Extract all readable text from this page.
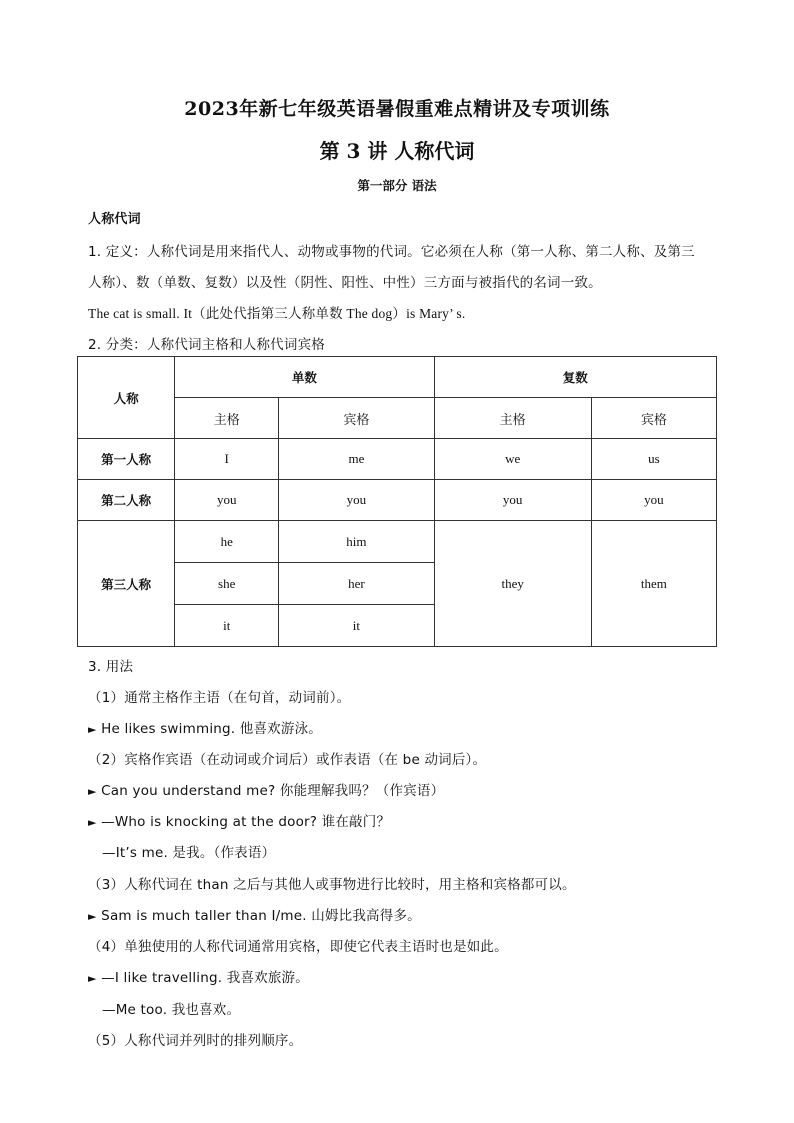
2023年新七年级英语暑假重难点精讲及专项训练
第 3 讲 人称代词
第一部分 语法
人称代词
1. 定义：人称代词是用来指代人、动物或事物的代词。它必须在人称（第一人称、第二人称、及第三
人称）、数（单数、复数）以及性（阴性、阳性、中性）三方面与被指代的名词一致。
The cat is small. It（此处代指第三人称单数 The dog）is Mary’ s.
2. 分类：人称代词主格和人称代词宾格
人称	单数		复数	
	主格	宾格	主格	宾格
第一人称	I	me	we	us
第二人称	you	you	you	you
第三人称	he	him	they	them
	she	her		
	it	it		
3. 用法
（1）通常主格作主语（在句首，动词前）。
► He likes swimming. 他喜欢游泳。
（2）宾格作宾语（在动词或介词后）或作表语（在 be 动词后）。
► Can you understand me? 你能理解我吗？（作宾语）
► —Who is knocking at the door? 谁在敲门？
—It’s me. 是我。（作表语）
（3）人称代词在 than 之后与其他人或事物进行比较时，用主格和宾格都可以。
► Sam is much taller than I/me. 山姆比我高得多。
（4）单独使用的人称代词通常用宾格，即使它代表主语时也是如此。
► —I like travelling. 我喜欢旅游。
—Me too. 我也喜欢。
（5）人称代词并列时的排列顺序。
